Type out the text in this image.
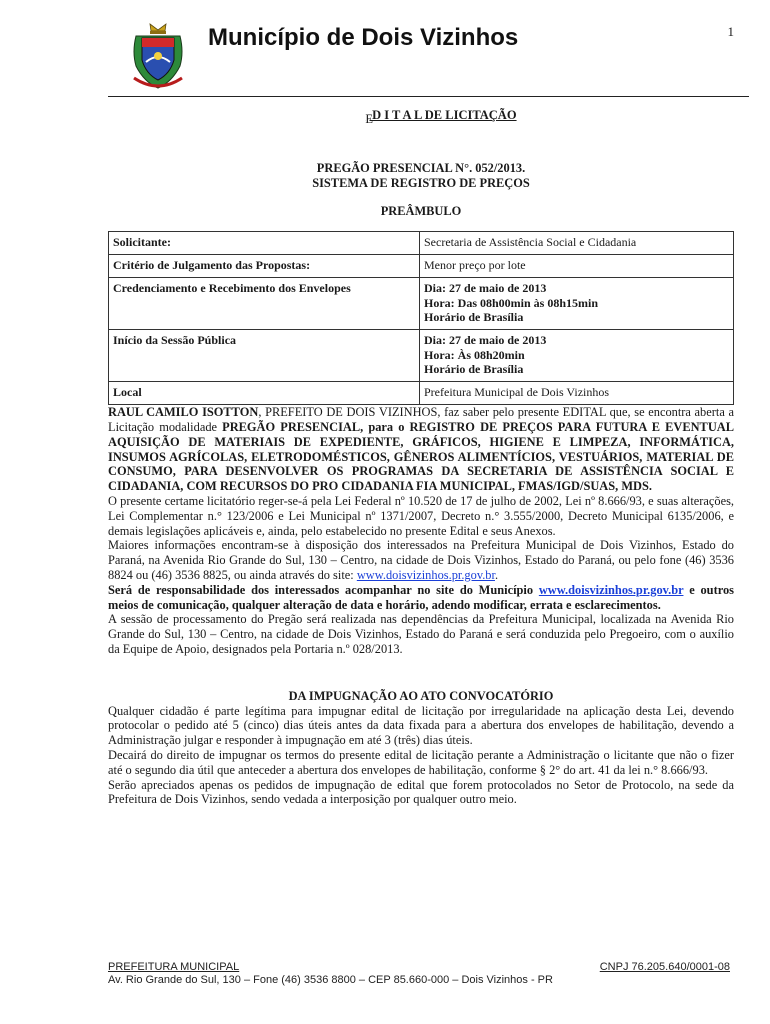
Município de Dois Vizinhos	1
ED I T A L DE LICITAÇÃO
PREGÃO PRESENCIAL N°. 052/2013.
SISTEMA DE REGISTRO DE PREÇOS
PREÂMBULO
Solicitante:	Secretaria de Assistência Social e Cidadania

Critério de Julgamento das Propostas:	Menor preço por lote

Credenciamento e Recebimento dos Envelopes	Dia: 27 de maio de 2013
Hora: Das 08h00min às 08h15min
Horário de Brasília

Início da Sessão Pública	Dia: 27 de maio de 2013
Hora: Às 08h20min
Horário de Brasília

Local	Prefeitura Municipal de Dois Vizinhos

RAUL CAMILO ISOTTON, PREFEITO DE DOIS VIZINHOS, faz saber pelo presente EDITAL que, se encontra aberta a Licitação modalidade PREGÃO PRESENCIAL, para o REGISTRO DE PREÇOS PARA FUTURA E EVENTUAL AQUISIÇÃO DE MATERIAIS DE EXPEDIENTE, GRÁFICOS, HIGIENE E LIMPEZA, INFORMÁTICA, INSUMOS AGRÍCOLAS, ELETRODOMÉSTICOS, GÊNEROS ALIMENTÍCIOS, VESTUÁRIOS, MATERIAL DE CONSUMO, PARA DESENVOLVER OS PROGRAMAS DA SECRETARIA DE ASSISTÊNCIA SOCIAL E CIDADANIA, COM RECURSOS DO PRO CIDADANIA FIA MUNICIPAL, FMAS/IGD/SUAS, MDS.

O presente certame licitatório reger-se-á pela Lei Federal nº 10.520 de 17 de julho de 2002, Lei nº 8.666/93, e suas alterações, Lei Complementar n.° 123/2006 e Lei Municipal nº 1371/2007, Decreto n.° 3.555/2000, Decreto Municipal 6135/2006, e demais legislações aplicáveis e, ainda, pelo estabelecido no presente Edital e seus Anexos.

Maiores informações encontram-se à disposição dos interessados na Prefeitura Municipal de Dois Vizinhos, Estado do Paraná, na Avenida Rio Grande do Sul, 130 – Centro, na cidade de Dois Vizinhos, Estado do Paraná, ou pelo fone (46) 3536 8824 ou (46) 3536 8825, ou ainda através do site: www.doisvizinhos.pr.gov.br.

Será de responsabilidade dos interessados acompanhar no site do Município www.doisvizinhos.pr.gov.br e outros meios de comunicação, qualquer alteração de data e horário, adendo modificar, errata e esclarecimentos.

A sessão de processamento do Pregão será realizada nas dependências da Prefeitura Municipal, localizada na Avenida Rio Grande do Sul, 130 – Centro, na cidade de Dois Vizinhos, Estado do Paraná e será conduzida pelo Pregoeiro, com o auxílio da Equipe de Apoio, designados pela Portaria n.º 028/2013.

DA IMPUGNAÇÃO AO ATO CONVOCATÓRIO

Qualquer cidadão é parte legítima para impugnar edital de licitação por irregularidade na aplicação desta Lei, devendo protocolar o pedido até 5 (cinco) dias úteis antes da data fixada para a abertura dos envelopes de habilitação, devendo a Administração julgar e responder à impugnação em até 3 (três) dias úteis.

Decairá do direito de impugnar os termos do presente edital de licitação perante a Administração o licitante que não o fizer até o segundo dia útil que anteceder a abertura dos envelopes de habilitação, conforme § 2° do art. 41 da lei n.° 8.666/93.

Serão apreciados apenas os pedidos de impugnação de edital que forem protocolados no Setor de Protocolo, na sede da Prefeitura de Dois Vizinhos, sendo vedada a interposição por qualquer outro meio.

PREFEITURA MUNICIPAL	CNPJ 76.205.640/0001-08
Av. Rio Grande do Sul, 130 – Fone (46) 3536 8800 – CEP 85.660-000 – Dois Vizinhos - PR
